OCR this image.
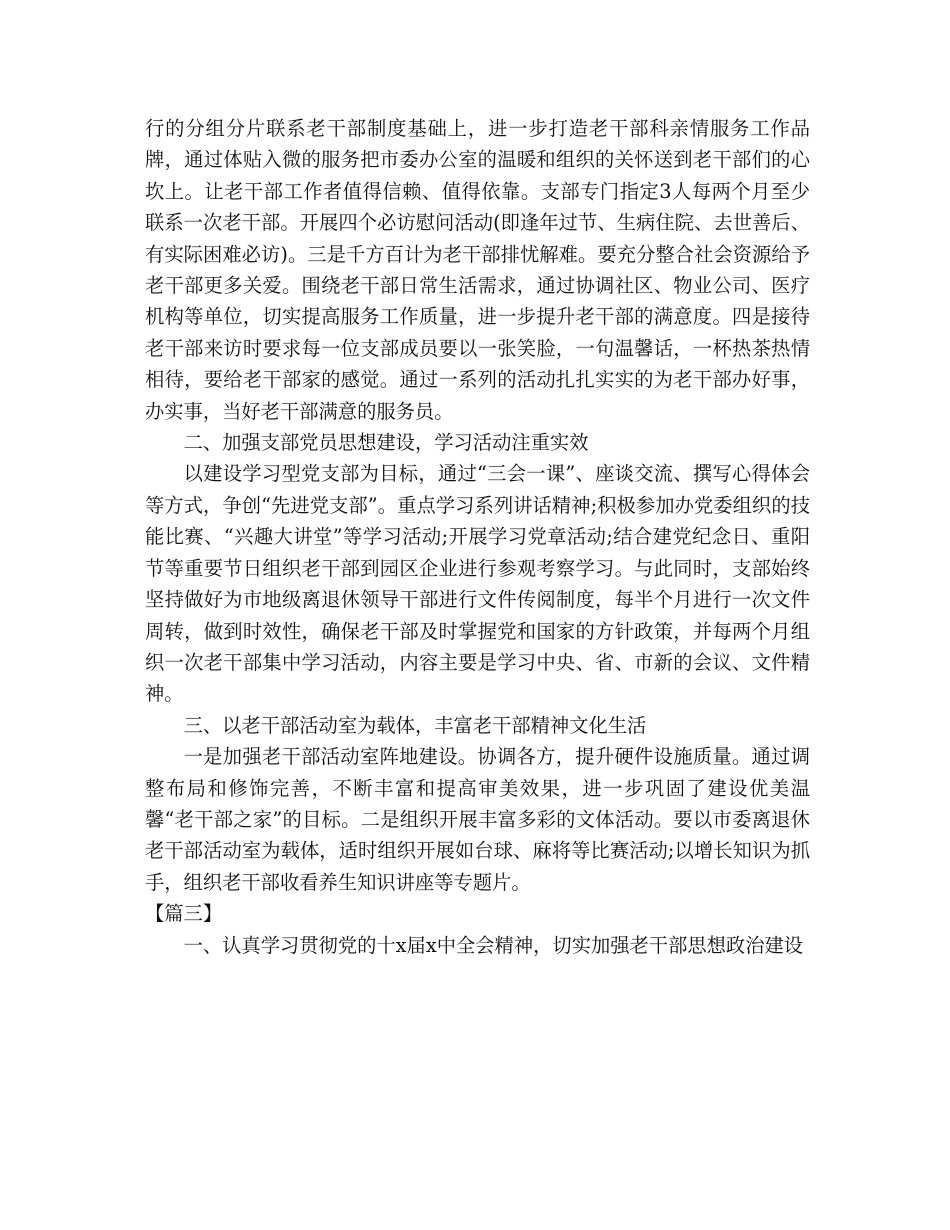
行的分组分片联系老干部制度基础上，进一步打造老干部科亲情服务工作品牌，通过体贴入微的服务把市委办公室的温暖和组织的关怀送到老干部们的心坎上。让老干部工作者值得信赖、值得依靠。支部专门指定3人每两个月至少联系一次老干部。开展四个必访慰问活动(即逢年过节、生病住院、去世善后、有实际困难必访)。三是千方百计为老干部排忧解难。要充分整合社会资源给予老干部更多关爱。围绕老干部日常生活需求，通过协调社区、物业公司、医疗机构等单位，切实提高服务工作质量，进一步提升老干部的满意度。四是接待老干部来访时要求每一位支部成员要以一张笑脸，一句温馨话，一杯热茶热情相待，要给老干部家的感觉。通过一系列的活动扎扎实实的为老干部办好事，办实事，当好老干部满意的服务员。

二、加强支部党员思想建设，学习活动注重实效

以建设学习型党支部为目标，通过“三会一课”、座谈交流、撰写心得体会等方式，争创“先进党支部”。重点学习系列讲话精神;积极参加办党委组织的技能比赛、“兴趣大讲堂”等学习活动;开展学习党章活动;结合建党纪念日、重阳节等重要节日组织老干部到园区企业进行参观考察学习。与此同时，支部始终坚持做好为市地级离退休领导干部进行文件传阅制度，每半个月进行一次文件周转，做到时效性，确保老干部及时掌握党和国家的方针政策，并每两个月组织一次老干部集中学习活动，内容主要是学习中央、省、市新的会议、文件精神。

三、以老干部活动室为载体，丰富老干部精神文化生活

一是加强老干部活动室阵地建设。协调各方，提升硬件设施质量。通过调整布局和修饰完善，不断丰富和提高审美效果，进一步巩固了建设优美温馨“老干部之家”的目标。二是组织开展丰富多彩的文体活动。要以市委离退休老干部活动室为载体，适时组织开展如台球、麻将等比赛活动;以增长知识为抓手，组织老干部收看养生知识讲座等专题片。

【篇三】

一、认真学习贯彻党的十x届x中全会精神，切实加强老干部思想政治建设
